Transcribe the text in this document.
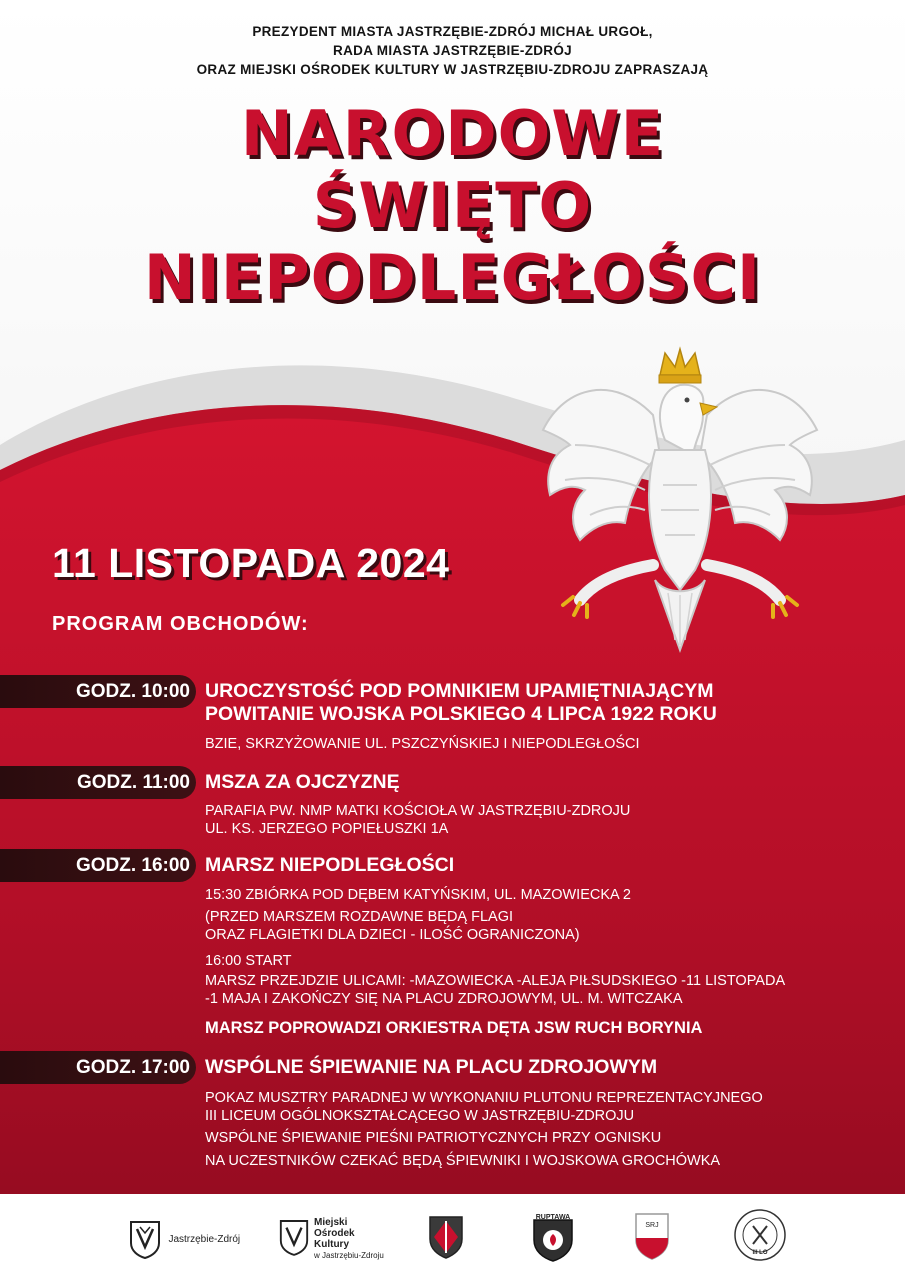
PREZYDENT MIASTA JASTRZĘBIE-ZDRÓJ MICHAŁ URGOŁ,
RADA MIASTA JASTRZĘBIE-ZDRÓJ
ORAZ MIEJSKI OŚRODEK KULTURY W JASTRZĘBIU-ZDROJU ZAPRASZAJĄ
NARODOWE
ŚWIĘTO
NIEPODLEGŁOŚCI
11 LISTOPADA 2024
PROGRAM OBCHODÓW:
GODZ. 10:00 UROCZYSTOŚĆ POD POMNIKIEM UPAMIĘTNIAJĄCYM
POWITANIE WOJSKA POLSKIEGO 4 LIPCA 1922 ROKU
BZIE, SKRZYŻOWANIE UL. PSZCZYŃSKIEJ I NIEPODLEGŁOŚCI
GODZ. 11:00 MSZA ZA OJCZYZNĘ
PARAFIA PW. NMP MATKI KOŚCIOŁA W JASTRZĘBIU-ZDROJU
UL. KS. JERZEGO POPIEŁUSZKI 1A
GODZ. 16:00 MARSZ NIEPODLEGŁOŚCI
15:30 ZBIÓRKA POD DĘBEM KATYŃSKIM, UL. MAZOWIECKA 2
(PRZED MARSZEM ROZDAWNE BĘDĄ FLAGI
ORAZ FLAGIETKI DLA DZIECI - ILOŚĆ OGRANICZONA)
16:00 START
MARSZ PRZEJDZIE ULICAMI: -MAZOWIECKA -ALEJA PIŁSUDSKIEGO -11 LISTOPADA
-1 MAJA I ZAKOŃCZY SIĘ NA PLACU ZDROJOWYM, UL. M. WITCZAKA
MARSZ POPROWADZI ORKIESTRA DĘTA JSW RUCH BORYNIA
GODZ. 17:00 WSPÓLNE ŚPIEWANIE NA PLACU ZDROJOWYM
POKAZ MUSZTRY PARADNEJ W WYKONANIU PLUTONU REPREZENTACYJNEGO
III LICEUM OGÓLNOKSZTAŁCĄCEGO W JASTRZĘBIU-ZDROJU
WSPÓLNE ŚPIEWANIE PIEŚNI PATRIOTYCZNYCH PRZY OGNISKU
NA UCZESTNIKÓW CZEKAĆ BĘDĄ ŚPIEWNIKI I WOJSKOWA GROCHÓWKA
Jastrzębie-Zdrój
Miejski
Ośrodek
Kultury
w Jastrzębiu-Zdroju
RUPTAWA
SRJ
III LO
